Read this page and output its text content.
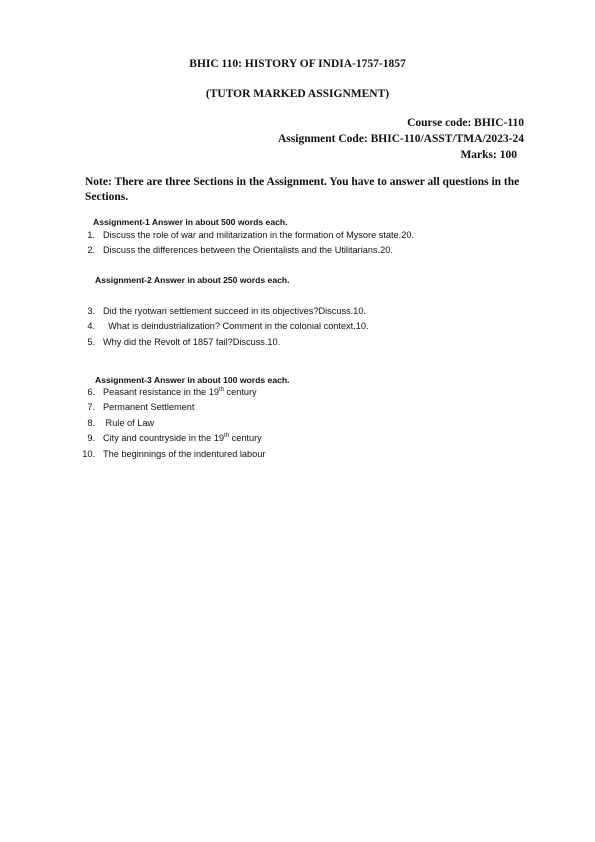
BHIC 110: HISTORY OF INDIA-1757-1857
(TUTOR MARKED ASSIGNMENT)
Course code: BHIC-110
Assignment Code: BHIC-110/ASST/TMA/2023-24
Marks: 100
Note: There are three Sections in the Assignment. You have to answer all questions in the Sections.
Assignment-1 Answer in about 500 words each.
1. Discuss the role of war and militarization in the formation of Mysore state.20.
2. Discuss the differences between the Orientalists and the Utilitarians.20.
Assignment-2 Answer in about 250 words each.
3. Did the ryotwari settlement succeed in its objectives?Discuss.10.
4.  What is deindustrialization? Comment in the colonial context.10.
5. Why did the Revolt of 1857 fail?Discuss.10.
Assignment-3 Answer in about 100 words each.
6. Peasant resistance in the 19th century
7. Permanent Settlement
8. Rule of Law
9. City and countryside in the 19th century
10. The beginnings of the indentured labour
